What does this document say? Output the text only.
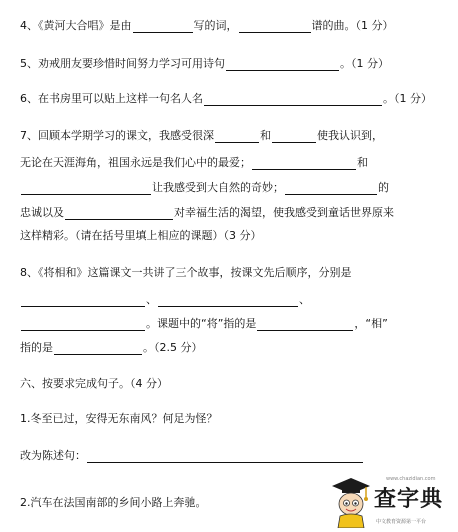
4、《黄河大合唱》是由	写的词，	谱的曲。（1 分）
5、劝戒朋友要珍惜时间努力学习可用诗句	。（1 分）
6、在书房里可以贴上这样一句名人名	。（1 分）
7、回顾本学期学习的课文，我感受很深	和	使我认识到，
无论在天涯海角，祖国永远是我们心中的最爱；	和
让我感受到大自然的奇妙；	的
忠诚以及	对幸福生活的渴望，使我感受到童话世界原来
这样精彩。（请在括号里填上相应的课题）（3 分）
8、《将相和》这篇课文一共讲了三个故事，按课文先后顺序，分别是
、	、
。课题中的“将”指的是	，“相”
指的是	。（2.5 分）
六、按要求完成句子。（4 分）
1.冬至已过，安得无东南风？何足为怪？
改为陈述句：
2.汽车在法国南部的乡间小路上奔驰。
www.chazidian.com
查字典
中文教育资源第一平台
